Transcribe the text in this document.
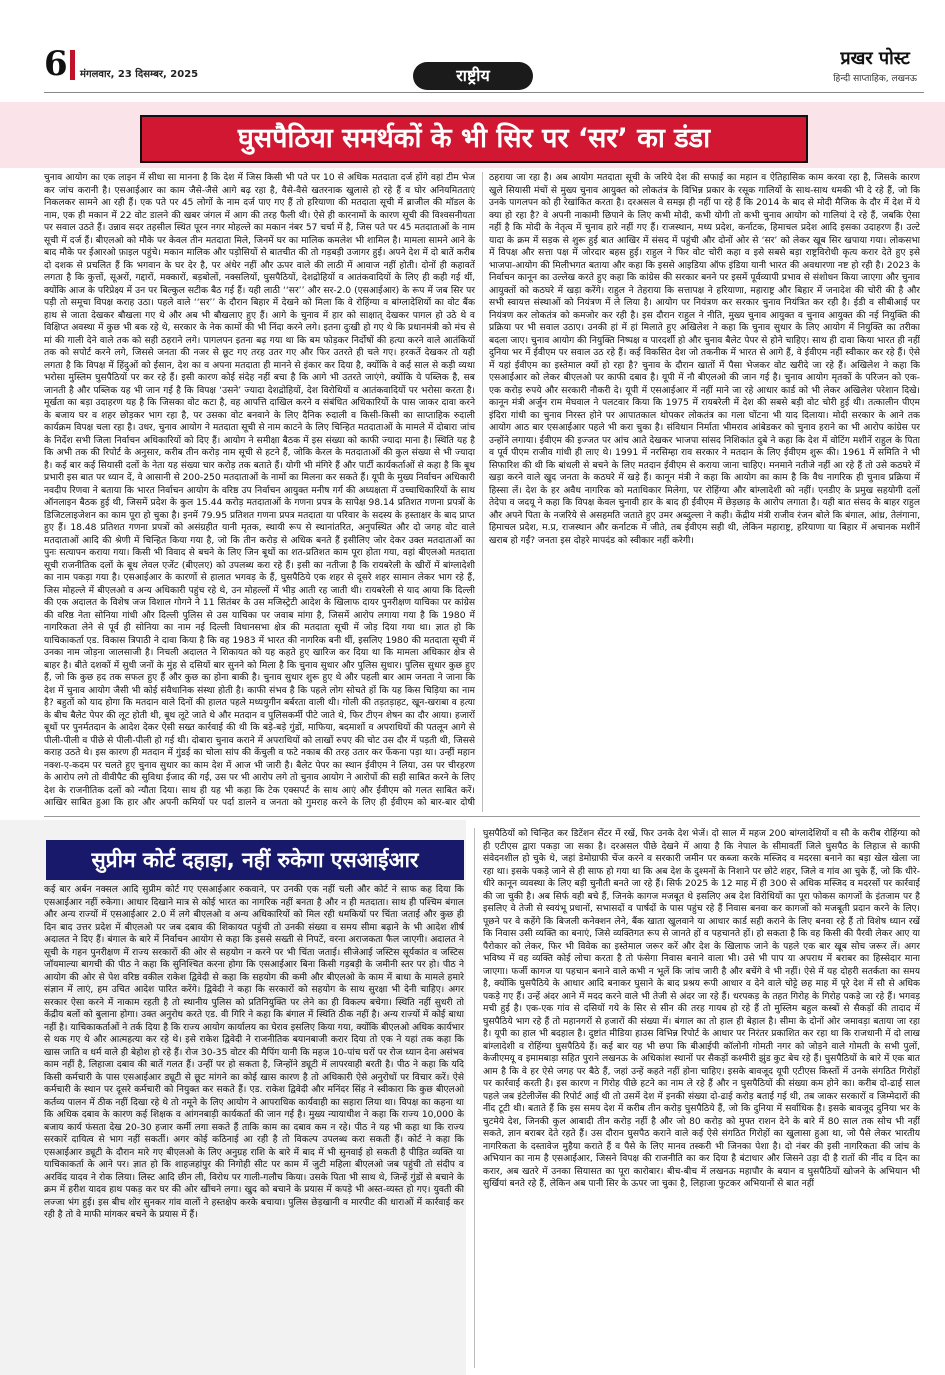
6 मंगलवार, 23 दिसम्बर, 2025	राष्ट्रीय
प्रखर पोस्ट
हिन्दी साप्ताहिक, लखनऊ
घुसपैठिया समर्थकों के भी सिर पर ‘सर’ का डंडा

चुनाव आयोग का एक लाइन में सीधा सा मानना है कि देश में जिस किसी भी पते पर 10 से अधिक मतदाता दर्ज होंगे वहां टीम भेज कर जांच करानी है। एसआईआर का काम जैसे-जैसे आगे बढ़ रहा है, वैसे-वैसे खतरनाक खुलासे हो रहे हैं व घोर अनियमितताएं निकलकर सामने आ रही हैं। एक पते पर 45 लोगों के नाम दर्ज पाए गए हैं तो हरियाणा की मतदाता सूची में ब्राजील की मॉडल के नाम, एक ही मकान में 22 वोट डालने की खबर जंगल में आग की तरह फैली थी। ऐसे ही कारनामों के कारण सूची की विश्वसनीयता पर सवाल उठते हैं। उन्नाव सदर तहसील स्थित पूरन नगर मोहल्ले का मकान नंबर 57 चर्चा में है, जिस पते पर 45 मतदाताओं के नाम सूची में दर्ज हैं। बीएलओ को मौके पर केवल तीन मतदाता मिले, जिनमें घर का मालिक कमलेश भी शामिल है। मामला सामने आने के बाद मौके पर ईआरओ फ़ाइल पहुंचे। मकान मालिक और पड़ोसियों से बातचीत की तो गड़बड़ी उजागर हुई। अपने देश में दो बातें करीब दो दशक से प्रचलित हैं कि भगवान के घर देर है, पर अंधेर नहीं और ऊपर वाले की लाठी में आवाज नहीं होती। दोनों ही कहावतें लगता है कि कुत्तों, सूअरों, गद्दारों, मक्कारों, बड़बोलों, नक्सलियों, घुसपैठियों, देशद्रोहियों व आतंकवादियों के लिए ही कही गई थीं, क्योंकि आज के परिप्रेक्ष्य में उन पर बिल्कुल सटीक बैठ गई हैं। यही लाठी ‘‘सर’’ और सर-2.0 (एसआईआर) के रूप में जब सिर पर पड़ी तो समूचा विपक्ष कराह उठा। पहले वाले ‘‘सर’’ के दौरान बिहार में देखने को मिला कि वे रोहिंग्या व बांग्लादेशियों का वोट बैंक हाथ से जाता देखकर बौखला गए थे और अब भी बौखलाए हुए हैं। आगे के चुनाव में हार को साक्षात् देखकर पागल हो उठे थे व विक्षिप्त अवस्था में कुछ भी बक रहे थे, सरकार के नेक कामों की भी निंदा करने लगे। इतना दुःखी हो गए थे कि प्रधानमंत्री को मंच से मां की गाली देने वाले तक को सही ठहराने लगे। पागलपन इतना बढ़ गया था कि बम फोड़कर निर्दोषों की हत्या करने वाले आतंकियों तक को सपोर्ट करने लगे, जिससे जनता की नजर से छूट गए तरह उतर गए और फिर उतरते ही चले गए। हरकतें देखकर तो यही लगता है कि विपक्ष में हिंदुओं को ईसान, देश का व अपना मतदाता ही मानने से इंकार कर दिया है, क्योंकि वे कई साल से कड़ी व्यथा भरोसा मुस्लिम घुसपैठियों पर कर रहे हैं। इसी कारण कोई संदेह नहीं बचा है कि आगे भी उतरते जाएंगे, क्योंकि ये पब्लिक है, सब जानती है और पब्लिक यह भी जान गई है कि विपक्ष ‘उसने’ ज्यादा देशद्रोहियों, देश विरोधियों व आतंकवादियों पर भरोसा करता है। मूर्खता का बड़ा उदाहरण यह है कि जिसका वोट कटा है, वह आपत्ति दाखिल करने व संबंधित अधिकारियों के पास जाकर दावा करने के बजाय घर व शहर छोड़कर भाग रहा है, पर उसका वोट बनवाने के लिए दैनिक रुदाली व किसी-किसी का साप्ताहिक रुदाली कार्यक्रम विपक्ष चला रहा है। उधर, चुनाव आयोग ने मतदाता सूची से नाम काटने के लिए चिन्हित मतदाताओं के मामले में दोबारा जांच के निर्देश सभी जिला निर्वाचन अधिकारियों को दिए हैं। आयोग ने समीक्षा बैठक में इस संख्या को काफी ज्यादा माना है। स्थिति यह है कि अभी तक की रिपोर्ट के अनुसार, करीब तीन करोड़ नाम सूची से हटने हैं, जोकि केरल के मतदाताओं की कुल संख्या से भी ज्यादा है। कई बार कई सियासी दलों के नेता यह संख्या चार करोड़ तक बताते हैं। योगी भी मंगिरे हैं और पार्टी कार्यकर्ताओं से कहा है कि बूथ प्रभारी इस बात पर ध्यान दें, वे आसानी से 200-250 मतदाताओं के नामों का मिलना कर सकते हैं। यूपी के मुख्य निर्वाचन अधिकारी नवदीप रिणवा ने बताया कि भारत निर्वाचन आयोग के वरिष्ठ उप निर्वाचन आयुक्त मनीष गर्ग की अध्यक्षता में उच्चाधिकारियों के साथ ऑनलाइन बैठक हुई थी, जिसमें प्रदेश के कुल 15.44 करोड़ मतदाताओं के गणना प्रपत्र के सापेक्ष 98.14 प्रतिशत गणना प्रपत्रों के डिजिटलाइजेशन का काम पूरा हो चुका है। इनमें 79.95 प्रतिशत गणना प्रपत्र मतदाता या परिवार के सदस्य के हस्ताक्षर के बाद प्राप्त हुए हैं। 18.48 प्रतिशत गणना प्रपत्रों को असंग्रहीत यानी मृतक, स्थायी रूप से स्थानांतरित, अनुपस्थित और दो जगह वोट वाले मतदाताओं आदि की श्रेणी में चिन्हित किया गया है, जो कि तीन करोड़ से अधिक बनते हैं इसीलिए जोर देकर उक्त मतदाताओं का पुनः सत्यापन कराया गया। किसी भी विवाद से बचने के लिए जिन बूथों का शत-प्रतिशत काम पूरा होता गया, वहां बीएलओ मतदाता सूची राजनीतिक दलों के बूथ लेवल एजेंट (बीएलए) को उपलब्ध करा रहे हैं। इसी का नतीजा है कि रायबरेली के खीरों में बांग्लादेशी का नाम पकड़ा गया है। एसआईआर के कारणों से हालात भगवड़ के हैं, घुसपैठिये एक शहर से दूसरे शहर सामान लेकर भाग रहे हैं, जिस मोहल्ले में बीएलओ व अन्य अधिकारी पहुंच रहे थे, उन मोहल्लों में भीड़ आती रह जाती थी। रायबरेली से याद आया कि दिल्ली की एक अदालत के विशेष जज विशाल गोगने ने 11 सितंबर के उस मजिस्ट्रेटी आदेश के खिलाफ दायर पुनरीक्षण याचिका पर कांग्रेस की वरिष्ठ नेता सोनिया गांधी और दिल्ली पुलिस से उस याचिका पर जवाब मांगा है, जिसमें आरोप लगाया गया है कि 1980 में नागरिकता लेने से पूर्व ही सोनिया का नाम नई दिल्ली विधानसभा क्षेत्र की मतदाता सूची में जोड़ दिया गया था। ज्ञात हो कि याचिकाकर्ता एड. विकास त्रिपाठी ने दावा किया है कि वह 1983 में भारत की नागरिक बनी थीं, इसलिए 1980 की मतदाता सूची में उनका नाम जोड़ना जालसाजी है। निचली अदालत ने शिकायत को यह कहते हुए खारिज कर दिया था कि मामला अधिकार क्षेत्र से बाहर है। बीते दशकों में सुधी जनों के मुंह से दसियों बार सुनने को मिला है कि चुनाव सुधार और पुलिस सुधार। पुलिस सुधार कुछ हुए हैं, जो कि कुछ हद तक सफल हुए हैं और कुछ का होना बाकी है। चुनाव सुधार शुरू हुए थे और पहली बार आम जनता ने जाना कि देश में चुनाव आयोग जैसी भी कोई संवैधानिक संस्था होती है। काफी संभव है कि पहले लोग सोचते हों कि यह किस चिड़िया का नाम है? बहुतों को याद होगा कि मतदान वाले दिनों की हालत पहले मध्ययुगीन बर्बरता वाली थी। गोली की तड़तड़ाहट, खून-खराबा व हत्या के बीच बैलेट पेपर की लूट होती थी, बूथ लूटे जाते थे और मतदान व पुलिसकर्मी पीटे जाते थे, फिर टीएन शेषन का दौर आया। हजारों बूथों पर पुनर्मतदान के आदेश देकर ऐसी सख्त कार्रवाई की थी कि बड़े-बड़े गुंडों, माफिया, बदमाशों व अपराधियों की पतलून आगे से पीली-पीली व पीछे से पीली-पीली हो गई थी। दोबारा चुनाव कराने में अपराधियों को लाखों रुपए की चोट उस दौर में पड़ती थी, जिससे कराह उठते थे। इस कारण ही मतदान में गुंडई का चोला सांप की केंचुली व फटे नकाब की तरह उतार कर फेंकना पड़ा था। उन्हीं महान नक्श-ए-कदम पर चलते हुए चुनाव सुधार का काम देश में आज भी जारी है। बैलेट पेपर का स्थान ईवीएम ने लिया, उस पर चीरहरण के आरोप लगे तो वीवीपैट की सुविधा ईजाद की गई, उस पर भी आरोप लगे तो चुनाव आयोग ने आरोपों की सही साबित करने के लिए देश के राजनीतिक दलों को न्यौता दिया। साथ ही यह भी कहा कि टेक एक्सपर्ट के साथ आएं और ईवीएम को गलत साबित करें। आखिर साबित हुआ कि हार और अपनी कमियों पर पर्दा डालने व जनता को गुमराह करने के लिए ही ईवीएम को बार-बार दोषी ठहराया जा रहा है। अब आयोग मतदाता सूची के जरिये देश की सफाई का महान व ऐतिहासिक काम करवा रहा है, जिसके कारण खुले सियासी मंचों से मुख्य चुनाव आयुक्त को लोकतंत्र के विभिन्न प्रकार के रसूक गालियों के साथ-साथ धमकी भी दे रहे हैं, जो कि उनके पागलपन को ही रेखांकित करता है। दरअसल वे समझ ही नहीं पा रहे हैं कि 2014 के बाद से मोदी मैजिक के दौर में देश में ये क्या हो रहा है? वे अपनी नाकामी छिपाने के लिए कभी मोदी, कभी योगी तो कभी चुनाव आयोग को गालियां दे रहे हैं, जबकि ऐसा नहीं है कि मोदी के नेतृत्व में चुनाव हारे नहीं गए हैं। राजस्थान, मध्य प्रदेश, कर्नाटक, हिमाचल प्रदेश आदि इसका उदाहरण हैं। उल्टे यादा के क्रम में सड़क से शुरू हुई बात आखिर में संसद में पहुंची और दोनों ओर से ‘सर’ को लेकर खूब सिर खपाया गया। लोकसभा में विपक्ष और सत्ता पक्ष में जोरदार बहस हुई। राहुल ने फिर वोट चोरी कहा व इसे सबसे बड़ा राष्ट्रविरोधी कृत्य करार देते हुए इसे भाजपा-आयोग की मिलीभगत बताया और कहा कि इससे आइडिया ऑफ इंडिया यानी भारत की अवधारणा नष्ट हो रही है। 2023 के निर्वाचन कानून का उल्लेख करते हुए कहा कि कांग्रेस की सरकार बनने पर इसमें पूर्वव्यापी प्रभाव से संशोधन किया जाएगा और चुनाव आयुक्तों को कठघरे में खड़ा करेंगे। राहुल ने तेहराया कि सत्तापक्ष ने हरियाणा, महाराष्ट्र और बिहार में जनादेश की चोरी की है और सभी स्वायत्त संस्थाओं को नियंत्रण में ले लिया है। आयोग पर नियंत्रण कर सरकार चुनाव नियंत्रित कर रही है। ईडी व सीबीआई पर नियंत्रण कर लोकतंत्र को कमजोर कर रही है। इस दौरान राहुल ने नीति, मुख्य चुनाव आयुक्त व चुनाव आयुक्त की नई नियुक्ति की प्रक्रिया पर भी सवाल उठाए। उनकी हां में हां मिलाते हुए अखिलेश ने कहा कि चुनाव सुधार के लिए आयोग में नियुक्ति का तरीका बदला जाए। चुनाव आयोग की नियुक्ति निष्पक्ष व पारदर्शी हो और चुनाव बैलेट पेपर से होने चाहिए। साथ ही दावा किया भारत ही नहीं दुनिया भर में ईवीएम पर सवाल उठ रहे हैं। कई विकसित देश जो तकनीक में भारत से आगे हैं, वे ईवीएम नहीं स्वीकार कर रहे हैं। ऐसे में यहां ईवीएम का इस्तेमाल क्यों हो रहा है? चुनाव के दौरान खातों में पैसा भेजकर वोट खरीदे जा रहे हैं। अखिलेश ने कहा कि एसआईआर को लेकर बीएलओ पर काफी दबाव है। यूपी में नौ बीएलओ की जान गई है। चुनाव आयोग मृतकों के परिजन को एक-एक करोड़ रुपये और सरकारी नौकरी दे। यूपी में एसआईआर में नहीं माने जा रहे आधार कार्ड को भी लेकर अखिलेश परेशान दिखे। कानून मंत्री अर्जुन राम मेघवाल ने पलटवार किया कि 1975 में रायबरेली में देश की सबसे बड़ी वोट चोरी हुई थी। तत्कालीन पीएम इंदिरा गांधी का चुनाव निरस्त होने पर आपातकाल थोपकर लोकतंत्र का गला घोंटना भी याद दिलाया। मोदी सरकार के आने तक आयोग आठ बार एसआईआर पहले भी करा चुका है। संविधान निर्माता भीमराव आंबेडकर को चुनाव हराने का भी आरोप कांग्रेस पर उन्होंने लगाया। ईवीएम की इज्जत पर आंच आते देखकर भाजपा सांसद निशिकांत दुबे ने कहा कि देश में वोटिंग मशीनें राहुल के पिता व पूर्व पीएम राजीव गांधी ही लाए थे। 1991 में नरसिम्हा राव सरकार ने मतदान के लिए ईवीएम शुरू की। 1961 में समिति ने भी सिफारिश की थी कि बांधली से बचने के लिए मतदान ईवीएम से कराया जाना चाहिए। मनमाने नतीजे नहीं आ रहे हैं तो उसे कठघरे में खड़ा करने वाले खुद जनता के कठघरे में खड़े हैं। कानून मंत्री ने कहा कि आयोग का काम है कि वैध नागरिक ही चुनाव प्रक्रिया में हिस्सा लें। देश के हर अवैध नागरिक को मताधिकार मिलेगा, पर रोहिंग्या और बांग्लादेशी को नहीं। एनडीए के प्रमुख सहयोगी दलों तेदेपा व जदयू ने कहा कि विपक्ष केवल चुनावी हार के बाद ही ईवीएम में छेड़छाड़ के आरोप लगाता है। यही बात संसद के बाहर राहुल और अपने पिता के नजरिये से असहमति जताते हुए उमर अब्दुल्ला ने कही। केंद्रीय मंत्री राजीव रंजन बोले कि बंगाल, आंध्र, तेलंगाना, हिमाचल प्रदेश, म.प्र, राजस्थान और कर्नाटक में जीते, तब ईवीएम सही थी, लेकिन महाराष्ट्र, हरियाणा या बिहार में अचानक मशीनें खराब हो गईं? जनता इस दोहरे मापदंड को स्वीकार नहीं करेगी।

सुप्रीम कोर्ट दहाड़ा, नहीं रुकेगा एसआईआर

कई बार अर्बन नक्सल आदि सुप्रीम कोर्ट गए एसआईआर रुकवाने, पर उनकी एक नहीं चली और कोर्ट ने साफ कह दिया कि एसआईआर नहीं रुकेगा। आधार दिखाने मात्र से कोई भारत का नागरिक नहीं बनता है और न ही मतदाता। साथ ही पश्चिम बंगाल और अन्य राज्यों में एसआईआर 2.0 में लगे बीएलओ व अन्य अधिकारियों को मिल रही धमकियों पर चिंता जताई और कुछ ही दिन बाद उत्तर प्रदेश में बीएलओ पर जब दबाव की शिकायत पहुंची तो उनकी संख्या व समय सीमा बढ़ाने के भी आदेश शीर्ष अदालत ने दिए हैं। बंगाल के बारे में निर्वाचन आयोग से कहा कि इससे सख्ती से निपटें, वरना अराजकता फैल जाएगी। अदालत ने सूची के गहन पुनरीक्षण में राज्य सरकारों की ओर से सहयोग न करने पर भी चिंता जताई। सीजेआई जस्टिस सूर्यकांत व जस्टिस जॉयमाल्या बागची की पीठ ने कहा कि सुनिश्चित करना होगा कि एसआईआर बिना किसी गड़बड़ी के जमीनी स्तर पर हो। पीठ ने आयोग की ओर से पेश वरिष्ठ वकील राकेश द्विवेदी से कहा कि सहयोग की कमी और बीएलओ के काम में बाधा के मामले हमारे संज्ञान में लाएं, हम उचित आदेश पारित करेंगे। द्विवेदी ने कहा कि सरकारों को सहयोग के साथ सुरक्षा भी देनी चाहिए। अगर सरकार ऐसा करने में नाकाम रहती है तो स्थानीय पुलिस को प्रतिनियुक्ति पर लेने का ही विकल्प बचेगा। स्थिति नहीं सुधरी तो केंद्रीय बलों को बुलाना होगा। उक्त अनुरोध करते एड. वी गिरि ने कहा कि बंगाल में स्थिति ठीक नहीं है। अन्य राज्यों में कोई बाधा नहीं है। याचिकाकर्ताओं ने तर्क दिया है कि राज्य आयोग कार्यालय का घेराव इसलिए किया गया, क्योंकि बीएलओ अधिक कार्यभार से थक गए थे और आत्महत्या कर रहे थे। इसे राकेश द्विवेदी ने राजनीतिक बयानबाजी करार दिया तो एक ने यहां तक कहा कि खास जाति व धर्म वाले ही बेहोश हो रहे हैं। रोज 30-35 वोटर की मैपिंग यानी कि महज 10-पांच घरों पर रोज ध्यान देना असंभव काम नहीं है, लिहाजा दबाव की बातें गलत हैं। उन्हीं पर हो सकता है, जिन्होंने ड्यूटी में लापरवाही बरती है। पीठ ने कहा कि यदि किसी कर्मचारी के पास एसआईआर ड्यूटी से छूट मांगने का कोई खास कारण है तो अधिकारी ऐसे अनुरोधों पर विचार करें। ऐसे कर्मचारी के स्थान पर दूसरे कर्मचारी को नियुक्त कर सकते हैं। एड. राकेश द्विवेदी और मनिंदर सिंह ने स्वीकारा कि कुछ बीएलओ कर्तव्य पालन में ठीक नहीं दिखा रहे थे तो नमूने के लिए आयोग ने आपराधिक कार्यवाही का सहारा लिया था। विपक्ष का कहना था कि अधिक दबाव के कारण कई शिक्षक व आंगनबाड़ी कार्यकर्ता की जान गई है। मुख्य न्यायाधीश ने कहा कि राज्य 10,000 के बजाय कार्य फंसता देख 20-30 हजार कर्मी लगा सकते हैं ताकि काम का दबाव कम न रहे। पीठ ने यह भी कहा था कि राज्य सरकारें दायित्व से भाग नहीं सकतीं। अगर कोई कठिनाई आ रही है तो विकल्प उपलब्ध करा सकती हैं। कोर्ट ने कहा कि एसआईआर ड्यूटी के दौरान मारे गए बीएलओ के लिए अनुग्रह राशि के बारे में बाद में भी सुनवाई हो सकती है पीड़ित व्यक्ति या याचिकाकर्ता के आने पर। ज्ञात हो कि शाहजहांपुर की निगोही सीट पर काम में जुटी महिला बीएलओ जब पहुंची तो संदीप व अरविंद यादव ने रोक लिया। लिस्ट आदि छीन ली, विरोध पर गाली-गलौच किया। उसके पिता भी साथ थे, जिन्हें गुंडों से बचाने के क्रम में हरीश यादव हाथ पकड़ कर घर की ओर खींचने लगा। खुद को बचाने के प्रयास में कपड़े भी अस्त-व्यस्त हो गए। युवती की लज्जा भंग हुई। इस बीच शोर सुनकर गांव वालों ने हस्तक्षेप करके बचाया। पुलिस छेड़खानी व मारपीट की धाराओं में कार्रवाई कर रही है तो वे माफी मांगकर बचने के प्रयास में हैं।

घुसपैठियों को चिन्हित कर डिटेंशन सेंटर में रखें, फिर उनके देश भेजें। दो साल में महज 200 बांग्लादेशियों व सौ के करीब रोहिंग्या को ही एटीएस द्वारा पकड़ा जा सका है। दरअसल पीछे देखने में आया है कि नेपाल के सीमावर्ती जिले घुसपैठ के लिहाज से काफी संवेदनशील हो चुके थे, जहां डेमोग्राफी चेंज करने व सरकारी जमीन पर कब्जा करके मस्जिद व मदरसा बनाने का बड़ा खेल खेला जा रहा था। इसके पकड़े जाने से ही साफ हो गया था कि अब देश के दुश्मनों के निशाने पर छोटे शहर, जिले व गांव आ चुके हैं, जो कि धीरे-धीरे कानून व्यवस्था के लिए बड़ी चुनौती बनते जा रहे हैं। सिर्फ 2025 के 12 माह में ही 300 से अधिक मस्जिद व मदरसों पर कार्रवाई की जा चुकी है। अब सिर्फ वही बचे हैं, जिनके कागज मजबूत थे इसलिए अब देश विरोधियों का पूरा फोकस कागजों के इंतजाम पर है इसलिए वे तेजी से स्वयंभू प्रधानों, सभासदों व पार्षदों के पास पहुंच रहे हैं निवास बनवा कर कागजों को मजबूती प्रदान करने के लिए। पूछने पर वे कहेंगे कि बिजली कनेक्शन लेने, बैंक खाता खुलवाने या आधार कार्ड सही कराने के लिए बनवा रहे हैं तो विशेष ध्यान रखें कि निवास उसी व्यक्ति का बनाएं, जिसे व्यक्तिगत रूप से जानते हों व पहचानते हों। हो सकता है कि वह किसी की पैरवी लेकर आए या पैरोकार को लेकर, फिर भी विवेक का इस्तेमाल जरूर करें और देश के खिलाफ जाने के पहले एक बार खूब सोच जरूर लें। अगर भविष्य में वह व्यक्ति कोई लोचा करता है तो फंसेगा निवास बनाने वाला भी। उसे भी पाप या अपराध में बराबर का हिस्सेदार माना जाएगा। फर्जी कागज या पहचान बनाने वाले कभी न भूलें कि जांच जारी है और बचेंगे वे भी नहीं। ऐसे में यह दोहरी सतर्कता का समय है, क्योंकि घुसपैठिये के आधार आदि बनाकर घुसाने के बाद प्रश्रय रूपी आधार व देने वाले चोट्टे छह माह में पूरे देश में सौ से अधिक पकड़े गए हैं। उन्हें अंदर आने में मदद करने वाले भी तेजी से अंदर जा रहे हैं। धरपकड़ के तहत गिरोह के गिरोह पकड़े जा रहे हैं। भगवड़ मची हुई है। एक-एक गांव से दसियों गये के सिर से सीन की तरह गायब हो रहे हैं तो मुस्लिम बहुल कस्बों से सैकड़ों की तादाद में घुसपैठिये भाग रहे हैं तो महानगरों से हजारों की संख्या में। बंगाल का तो हाल ही बेहाल है। सीमा के दोनों ओर जमावड़ा बताया जा रहा है। यूपी का हाल भी बदहाल है। दुष्टांत मीडिया हाउस विभिन्न रिपोर्ट के आधार पर निरंतर प्रकाशित कर रहा था कि राजधानी में दो लाख बांग्लादेशी व रोहिंग्या घुसपैठिये हैं। कई बार यह भी छपा कि बीआईपी कॉलोनी गोमती नगर को जोड़ने वाले गोमती के सभी पुलों, केजीएमयू व इमामबाड़ा सहित पुराने लखनऊ के अधिकांश स्थानों पर सैकड़ों कश्मीरी झुंड कुट बेच रहे हैं। घुसपैठियों के बारे में एक बात आम है कि वे हर ऐसे जगह पर बैठे हैं, जहां उन्हें कहते नहीं होना चाहिए। इसके बावजूद यूपी एटीएस किस्तों में उनके संगठित गिरोहों पर कार्रवाई करती है। इस कारण न गिरोह पीछे हटने का नाम ले रहे हैं और न घुसपैठियों की संख्या कम होने का। करीब दो-ढाई साल पहले जब इंटेलीजेंस की रिपोर्ट आई थी तो उसमें देश में इनकी संख्या दो-ढाई करोड़ बताई गई थी, तब जाकर सरकारों व जिम्मेदारों की नींद टूटी थी। बताते हैं कि इस समय देश में करीब तीन करोड़ घुसपैठिये हैं, जो कि दुनिया में सर्वाधिक है। इसके बावजूद दुनिया भर के चुटमेये देश, जिनकी कुल आबादी तीन करोड़ नहीं है और जो 80 करोड़ को मुफ्त राशन देने के बारे में 80 साल तक सोच भी नहीं सकते, ज्ञान बराबर देते रहते हैं। उस दौरान घुसपैठ कराने वाले कई ऐसे संगठित गिरोहों का खुलासा हुआ था, जो पैसे लेकर भारतीय नागरिकता के दस्तावेज मुहैया कराते हैं व पैसे के लिए मानव तस्करी भी जिनका पेशा है। दो नंबर की इसी नागरिकता की जांच के अभियान का नाम है एसआईआर, जिसने विपक्ष की राजनीति का कर दिया है बंटाधार और जिसने उड़ा दी है रातों की नींद व दिन का करार, अब खतरे में उनका सियासत का पूरा कारोबार। बीच-बीच में लखनऊ महापौर के बयान व घुसपैठियों खोजने के अभियान भी सुर्खियां बनते रहे हैं, लेकिन अब पानी सिर के ऊपर जा चुका है, लिहाजा फुटकर अभियानों से बात नहीं
